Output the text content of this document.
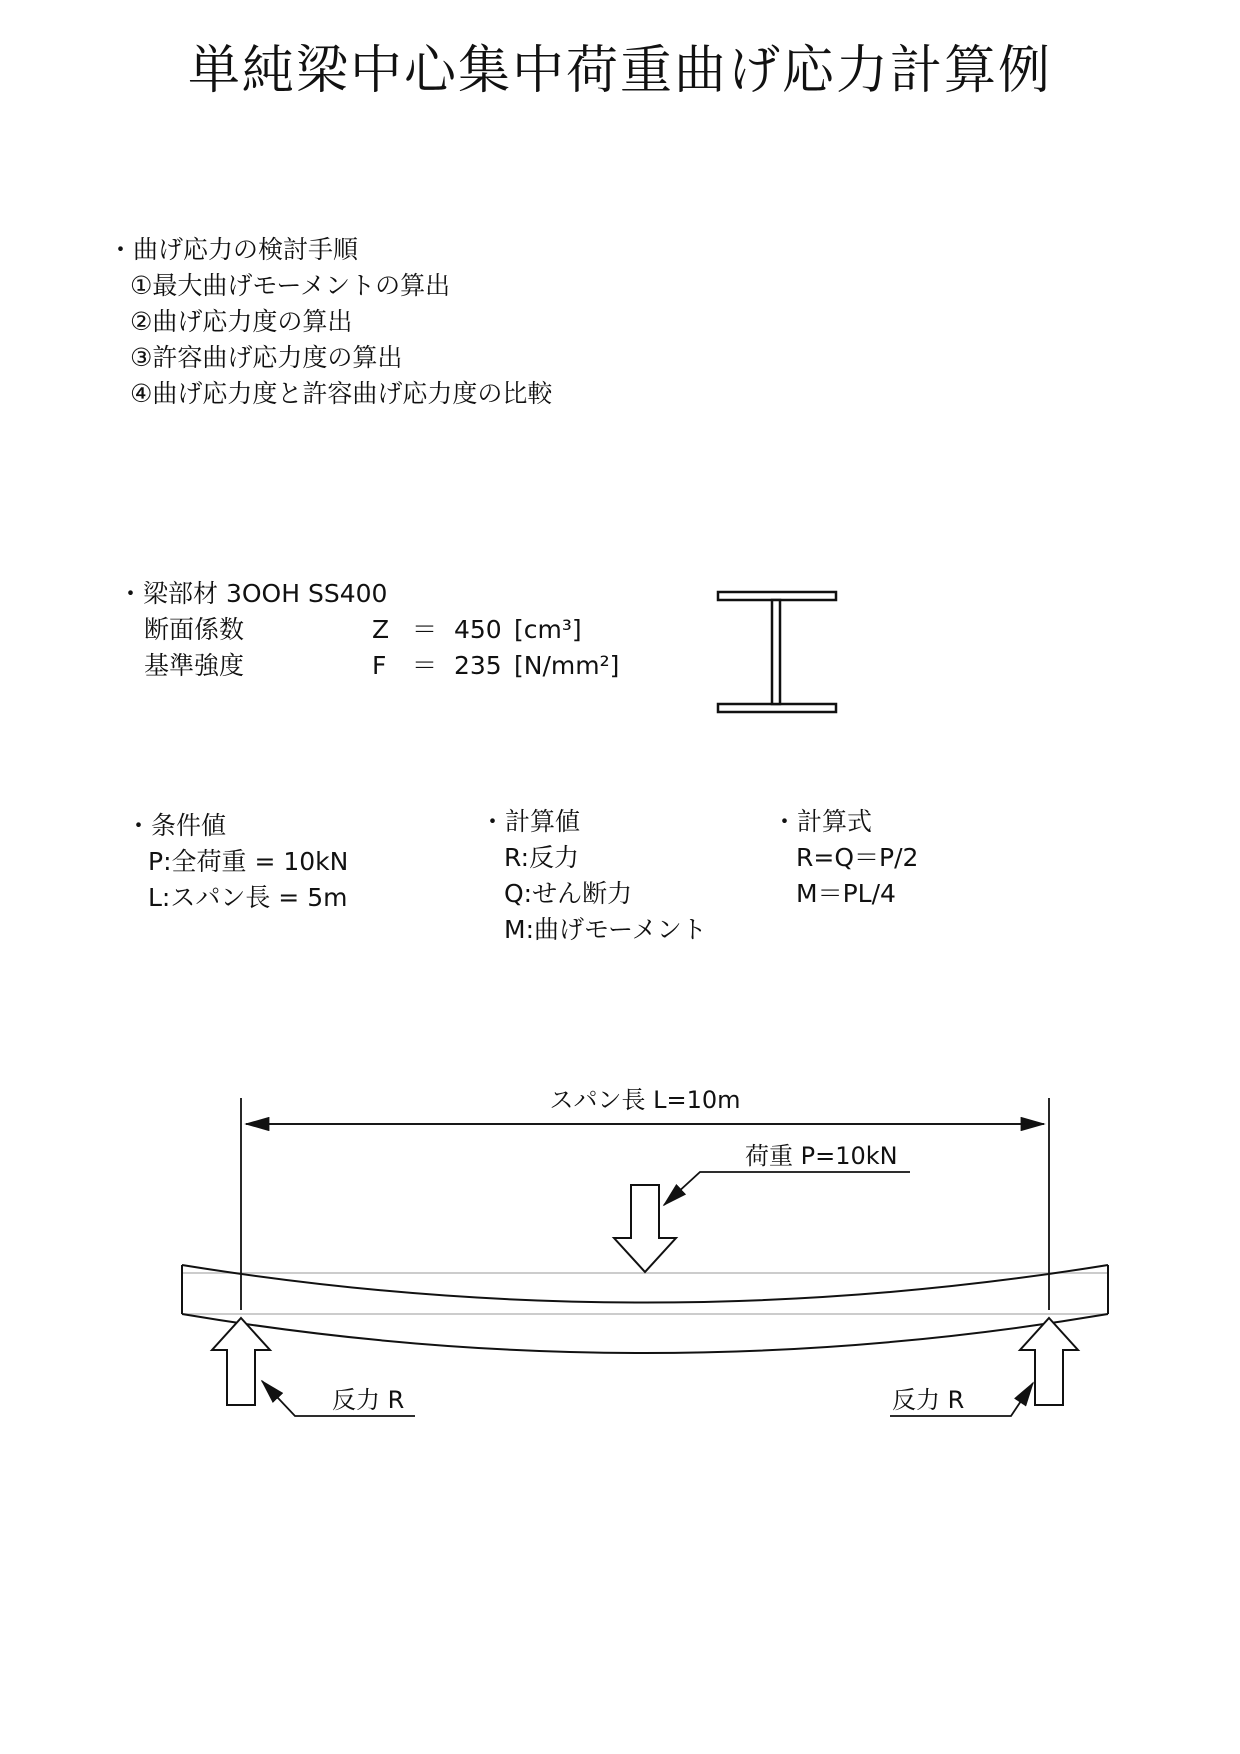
単純梁中心集中荷重曲げ応力計算例
・曲げ応力の検討手順
①最大曲げモーメントの算出
②曲げ応力度の算出
③許容曲げ応力度の算出
④曲げ応力度と許容曲げ応力度の比較
・梁部材 3OOH SS400
断面係数	Z ＝ 450 [cm³]
基準強度	F ＝ 235 [N/mm²]
・条件値
P:全荷重 = 10kN
L:スパン長 = 5m
・計算値
R:反力
Q:せん断力
M:曲げモーメント
・計算式
R=Q＝P/2
M＝PL/4
スパン長 L=10m
荷重 P=10kN
反力 R	反力 R
